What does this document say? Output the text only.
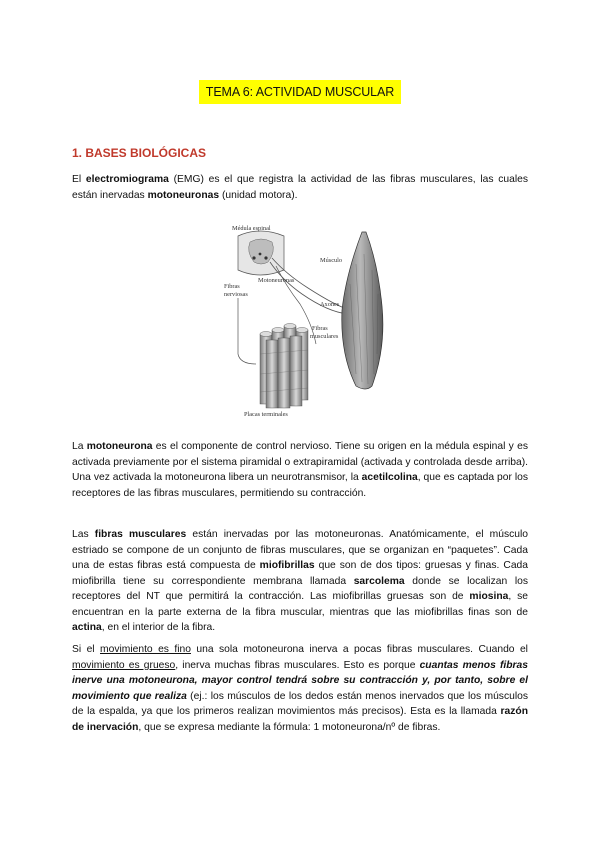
TEMA 6: ACTIVIDAD MUSCULAR
1. BASES BIOLÓGICAS

El electromiograma (EMG) es el que registra la actividad de las fibras musculares, las cuales están inervadas motoneuronas (unidad motora).

Médula espinal
Motoneuronas
Fibras
nerviosas
Músculo
Axones
Fibras
musculares
Placas terminales

La motoneurona es el componente de control nervioso. Tiene su origen en la médula espinal y es activada previamente por el sistema piramidal o extrapiramidal (activada y controlada desde arriba). Una vez activada la motoneurona libera un neurotransmisor, la acetilcolina, que es captada por los receptores de las fibras musculares, permitiendo su contracción.

Las fibras musculares están inervadas por las motoneuronas. Anatómicamente, el músculo estriado se compone de un conjunto de fibras musculares, que se organizan en “paquetes”. Cada una de estas fibras está compuesta de miofibrillas que son de dos tipos: gruesas y finas. Cada miofibrilla tiene su correspondiente membrana llamada sarcolema donde se localizan los receptores del NT que permitirá la contracción. Las miofibrillas gruesas son de miosina, se encuentran en la parte externa de la fibra muscular, mientras que las miofibrillas finas son de actina, en el interior de la fibra.

Si el movimiento es fino una sola motoneurona inerva a pocas fibras musculares. Cuando el movimiento es grueso, inerva muchas fibras musculares. Esto es porque cuantas menos fibras inerve una motoneurona, mayor control tendrá sobre su contracción y, por tanto, sobre el movimiento que realiza (ej.: los músculos de los dedos están menos inervados que los músculos de la espalda, ya que los primeros realizan movimientos más precisos). Esta es la llamada razón de inervación, que se expresa mediante la fórmula: 1 motoneurona/nº de fibras.
